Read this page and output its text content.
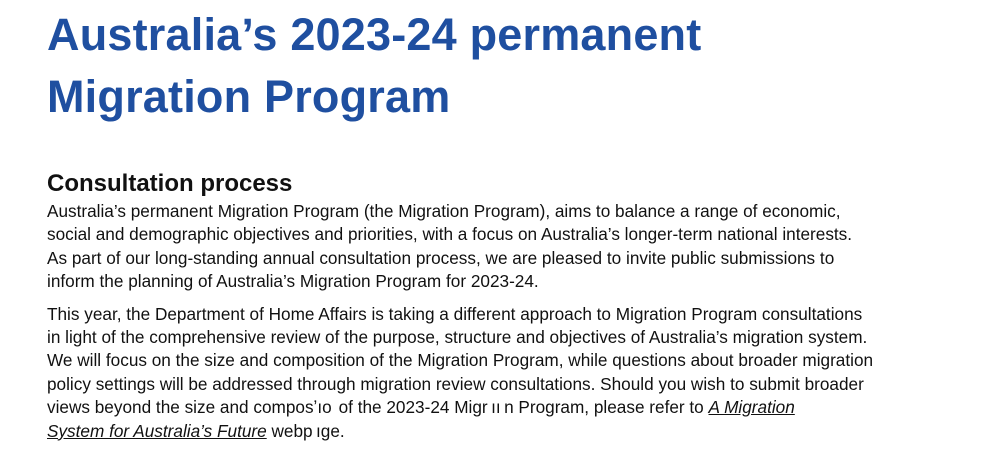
Australia’s 2023-24 permanent
Migration Program
Consultation process

Australia’s permanent Migration Program (the Migration Program), aims to balance a range of economic,
social and demographic objectives and priorities, with a focus on Australia’s longer-term national interests.
As part of our long-standing annual consultation process, we are pleased to invite public submissions to
inform the planning of Australia’s Migration Program for 2023-24.

This year, the Department of Home Affairs is taking a different approach to Migration Program consultations
in light of the comprehensive review of the purpose, structure and objectives of Australia’s migration system.
We will focus on the size and composition of the Migration Program, while questions about broader migration
policy settings will be addressed through migration review consultations. Should you wish to submit broader
views beyond the size and composʼıo  of the 2023-24 Migr ıı n Program, please refer to A Migration
System for Australia’s Future webp ıge.
